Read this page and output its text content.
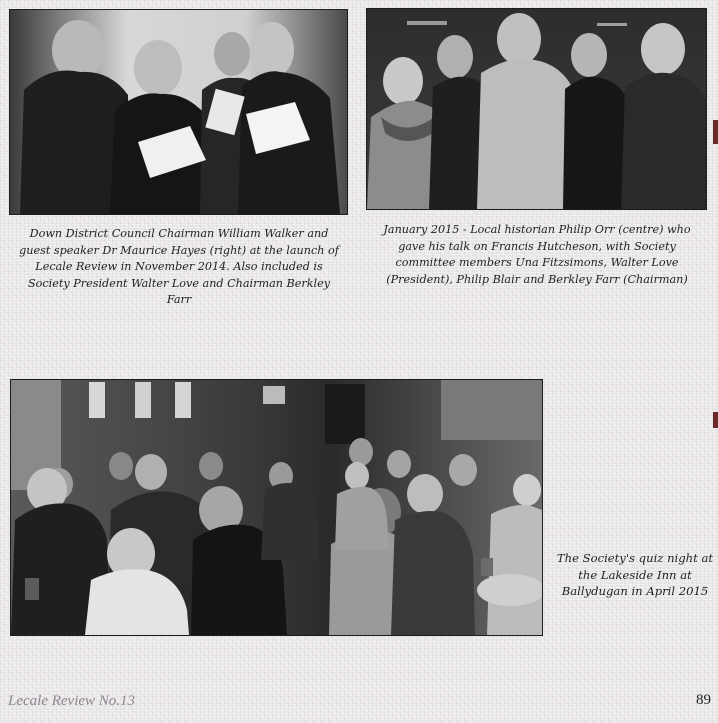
Down District Council Chairman William Walker and guest speaker Dr Maurice Hayes (right) at the launch of Lecale Review in November 2014. Also included is Society President Walter Love and Chairman Berkley Farr
January 2015 - Local historian Philip Orr (centre) who gave his talk on Francis Hutcheson, with Society committee members Una Fitzsimons, Walter Love (President), Philip Blair and Berkley Farr (Chairman)
The Society's quiz night at the Lakeside Inn at Ballydugan in April 2015
Lecale Review No.13	89
